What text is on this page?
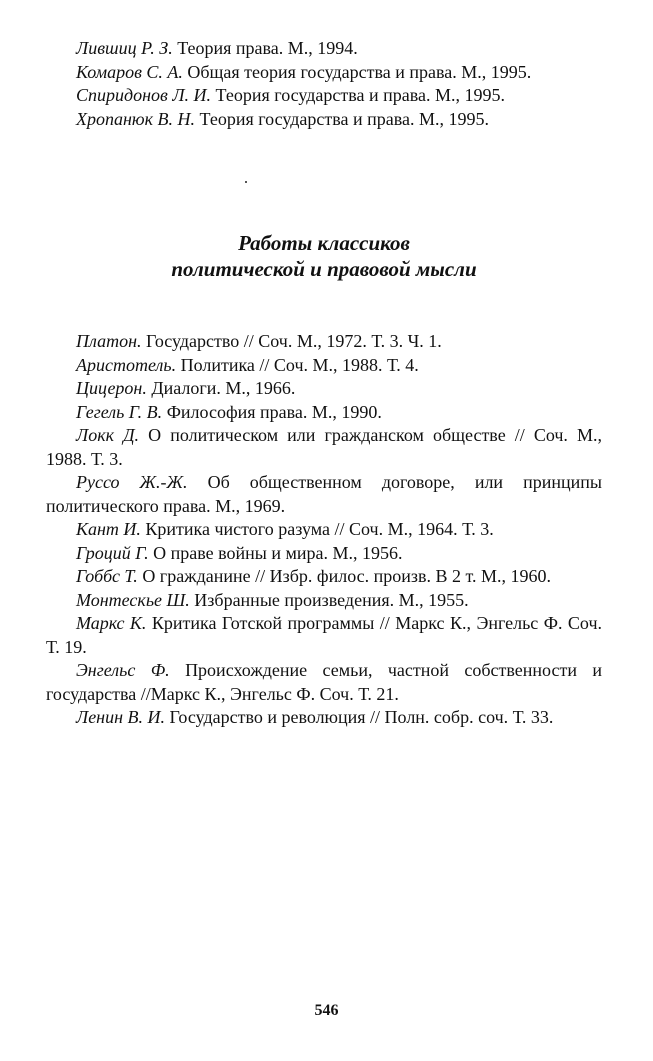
Лившиц Р. З. Теория права. М., 1994.

Комаров С. А. Общая теория государства и права. М., 1995.

Спиридонов Л. И. Теория государства и права. М., 1995.

Хропанюк В. Н. Теория государства и права. М., 1995.

Работы классиков
политической и правовой мысли

Платон. Государство // Соч. М., 1972. Т. 3. Ч. 1.

Аристотель. Политика // Соч. М., 1988. Т. 4.

Цицерон. Диалоги. М., 1966.

Гегель Г. В. Философия права. М., 1990.

Локк Д. О политическом или гражданском обществе // Соч. М., 1988. Т. 3.

Руссо Ж.-Ж. Об общественном договоре, или принципы политического права. М., 1969.

Кант И. Критика чистого разума // Соч. М., 1964. Т. 3.

Гроций Г. О праве войны и мира. М., 1956.

Гоббс Т. О гражданине // Избр. филос. произв. В 2 т. М., 1960.

Монтескье Ш. Избранные произведения. М., 1955.

Маркс К. Критика Готской программы // Маркс К., Энгельс Ф. Соч. Т. 19.

Энгельс Ф. Происхождение семьи, частной собственности и государства //Маркс К., Энгельс Ф. Соч. Т. 21.

Ленин В. И. Государство и революция // Полн. собр. соч. Т. 33.

546
